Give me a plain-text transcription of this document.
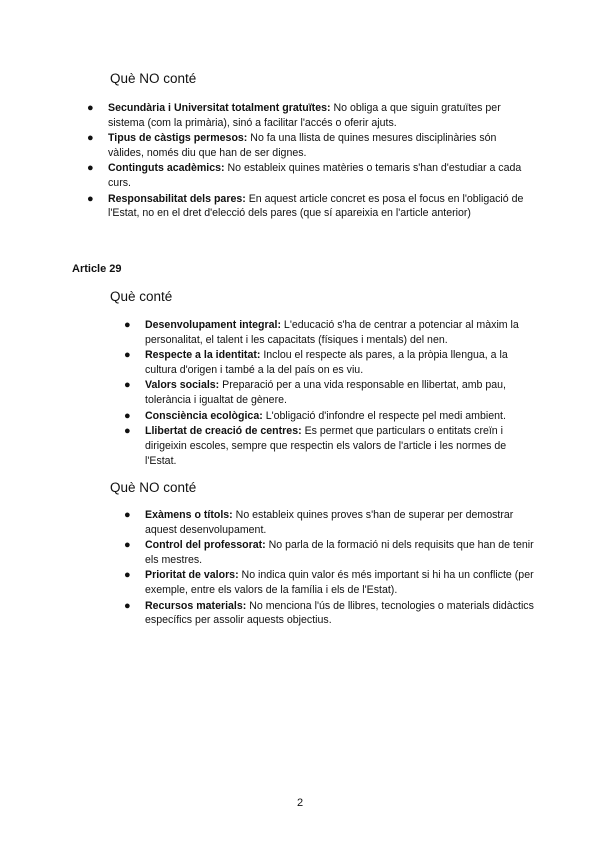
Què NO conté
● Secundària i Universitat totalment gratuïtes: No obliga a que siguin gratuïtes per sistema (com la primària), sinó a facilitar l'accés o oferir ajuts.
● Tipus de càstigs permesos: No fa una llista de quines mesures disciplinàries són vàlides, només diu que han de ser dignes.
● Continguts acadèmics: No estableix quines matèries o temaris s'han d'estudiar a cada curs.
● Responsabilitat dels pares: En aquest article concret es posa el focus en l'obligació de l'Estat, no en el dret d'elecció dels pares (que sí apareixia en l'article anterior)
Article 29
Què conté
● Desenvolupament integral: L'educació s'ha de centrar a potenciar al màxim la personalitat, el talent i les capacitats (físiques i mentals) del nen.
● Respecte a la identitat: Inclou el respecte als pares, a la pròpia llengua, a la cultura d'origen i també a la del país on es viu.
● Valors socials: Preparació per a una vida responsable en llibertat, amb pau, tolerància i igualtat de gènere.
● Consciència ecològica: L'obligació d'infondre el respecte pel medi ambient.
● Llibertat de creació de centres: Es permet que particulars o entitats creïn i dirigeixin escoles, sempre que respectin els valors de l'article i les normes de l'Estat.
Què NO conté
● Exàmens o títols: No estableix quines proves s'han de superar per demostrar aquest desenvolupament.
● Control del professorat: No parla de la formació ni dels requisits que han de tenir els mestres.
● Prioritat de valors: No indica quin valor és més important si hi ha un conflicte (per exemple, entre els valors de la família i els de l'Estat).
● Recursos materials: No menciona l'ús de llibres, tecnologies o materials didàctics específics per assolir aquests objectius.
2
